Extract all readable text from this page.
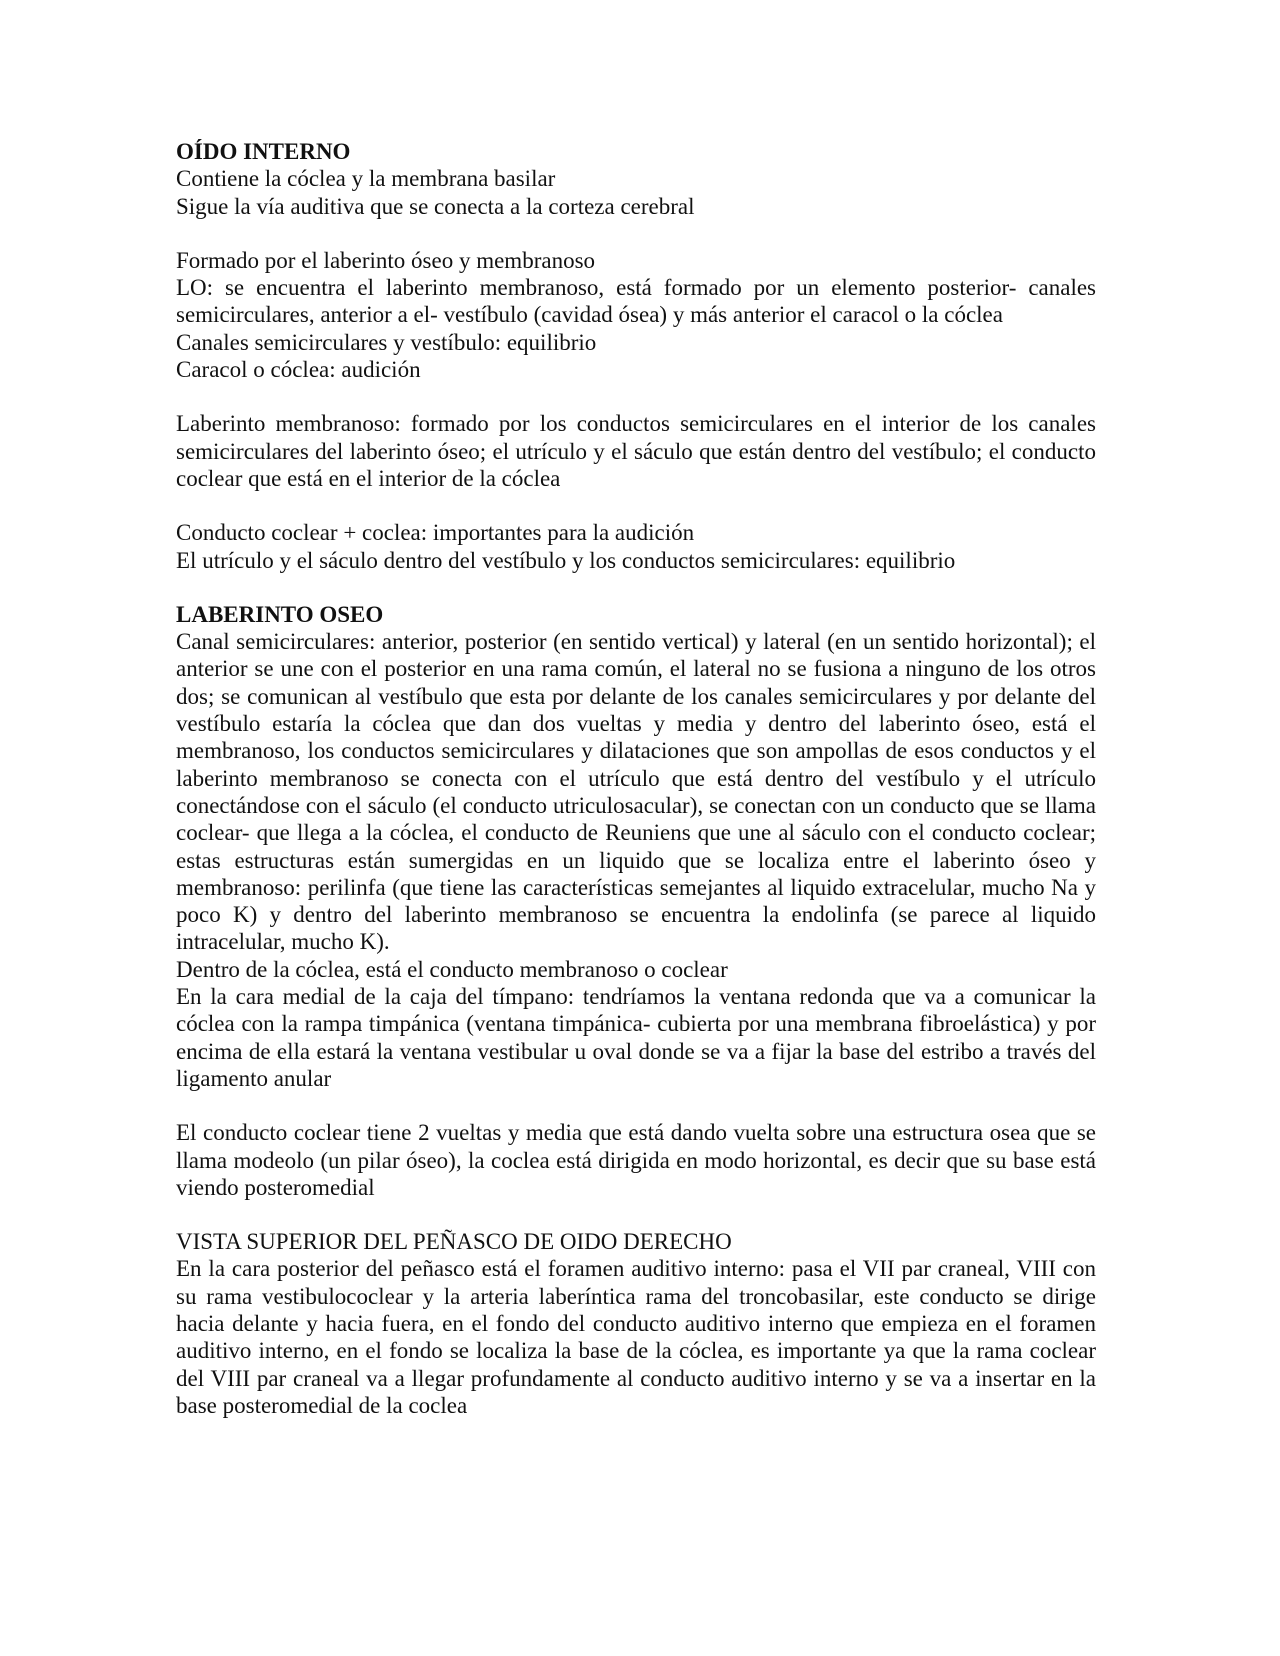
OÍDO INTERNO
Contiene la cóclea y la membrana basilar
Sigue la vía auditiva que se conecta a la corteza cerebral
Formado por el laberinto óseo y membranoso

LO: se encuentra el laberinto membranoso, está formado por un elemento posterior- canales semicirculares, anterior a el- vestíbulo (cavidad ósea) y más anterior el caracol o la cóclea

Canales semicirculares y vestíbulo: equilibrio
Caracol o cóclea: audición

Laberinto membranoso: formado por los conductos semicirculares en el interior de los canales semicirculares del laberinto óseo; el utrículo y el sáculo que están dentro del vestíbulo; el conducto coclear que está en el interior de la cóclea

Conducto coclear + coclea: importantes para la audición
El utrículo y el sáculo dentro del vestíbulo y los conductos semicirculares: equilibrio
LABERINTO OSEO

Canal semicirculares: anterior, posterior (en sentido vertical) y lateral (en un sentido horizontal); el anterior se une con el posterior en una rama común, el lateral no se fusiona a ninguno de los otros dos; se comunican al vestíbulo que esta por delante de los canales semicirculares y por delante del vestíbulo estaría la cóclea que dan dos vueltas y media y dentro del laberinto óseo, está el membranoso, los conductos semicirculares y dilataciones que son ampollas de esos conductos y el laberinto membranoso se conecta con el utrículo que está dentro del vestíbulo y el utrículo conectándose con el sáculo (el conducto utriculosacular), se conectan con un conducto que se llama coclear- que llega a la cóclea, el conducto de Reuniens que une al sáculo con el conducto coclear; estas estructuras están sumergidas en un liquido que se localiza entre el laberinto óseo y membranoso: perilinfa (que tiene las características semejantes al liquido extracelular, mucho Na y poco K) y dentro del laberinto membranoso se encuentra la endolinfa (se parece al liquido intracelular, mucho K).

Dentro de la cóclea, está el conducto membranoso o coclear

En la cara medial de la caja del tímpano: tendríamos la ventana redonda que va a comunicar la cóclea con la rampa timpánica (ventana timpánica- cubierta por una membrana fibroelástica) y por encima de ella estará la ventana vestibular u oval donde se va a fijar la base del estribo a través del ligamento anular

El conducto coclear tiene 2 vueltas y media que está dando vuelta sobre una estructura osea que se llama modeolo (un pilar óseo), la coclea está dirigida en modo horizontal, es decir que su base está viendo posteromedial

VISTA SUPERIOR DEL PEÑASCO DE OIDO DERECHO

En la cara posterior del peñasco está el foramen auditivo interno: pasa el VII par craneal, VIII con su rama vestibulococlear y la arteria laberíntica rama del troncobasilar, este conducto se dirige hacia delante y hacia fuera, en el fondo del conducto auditivo interno que empieza en el foramen auditivo interno, en el fondo se localiza la base de la cóclea, es importante ya que la rama coclear del VIII par craneal va a llegar profundamente al conducto auditivo interno y se va a insertar en la base posteromedial de la coclea
